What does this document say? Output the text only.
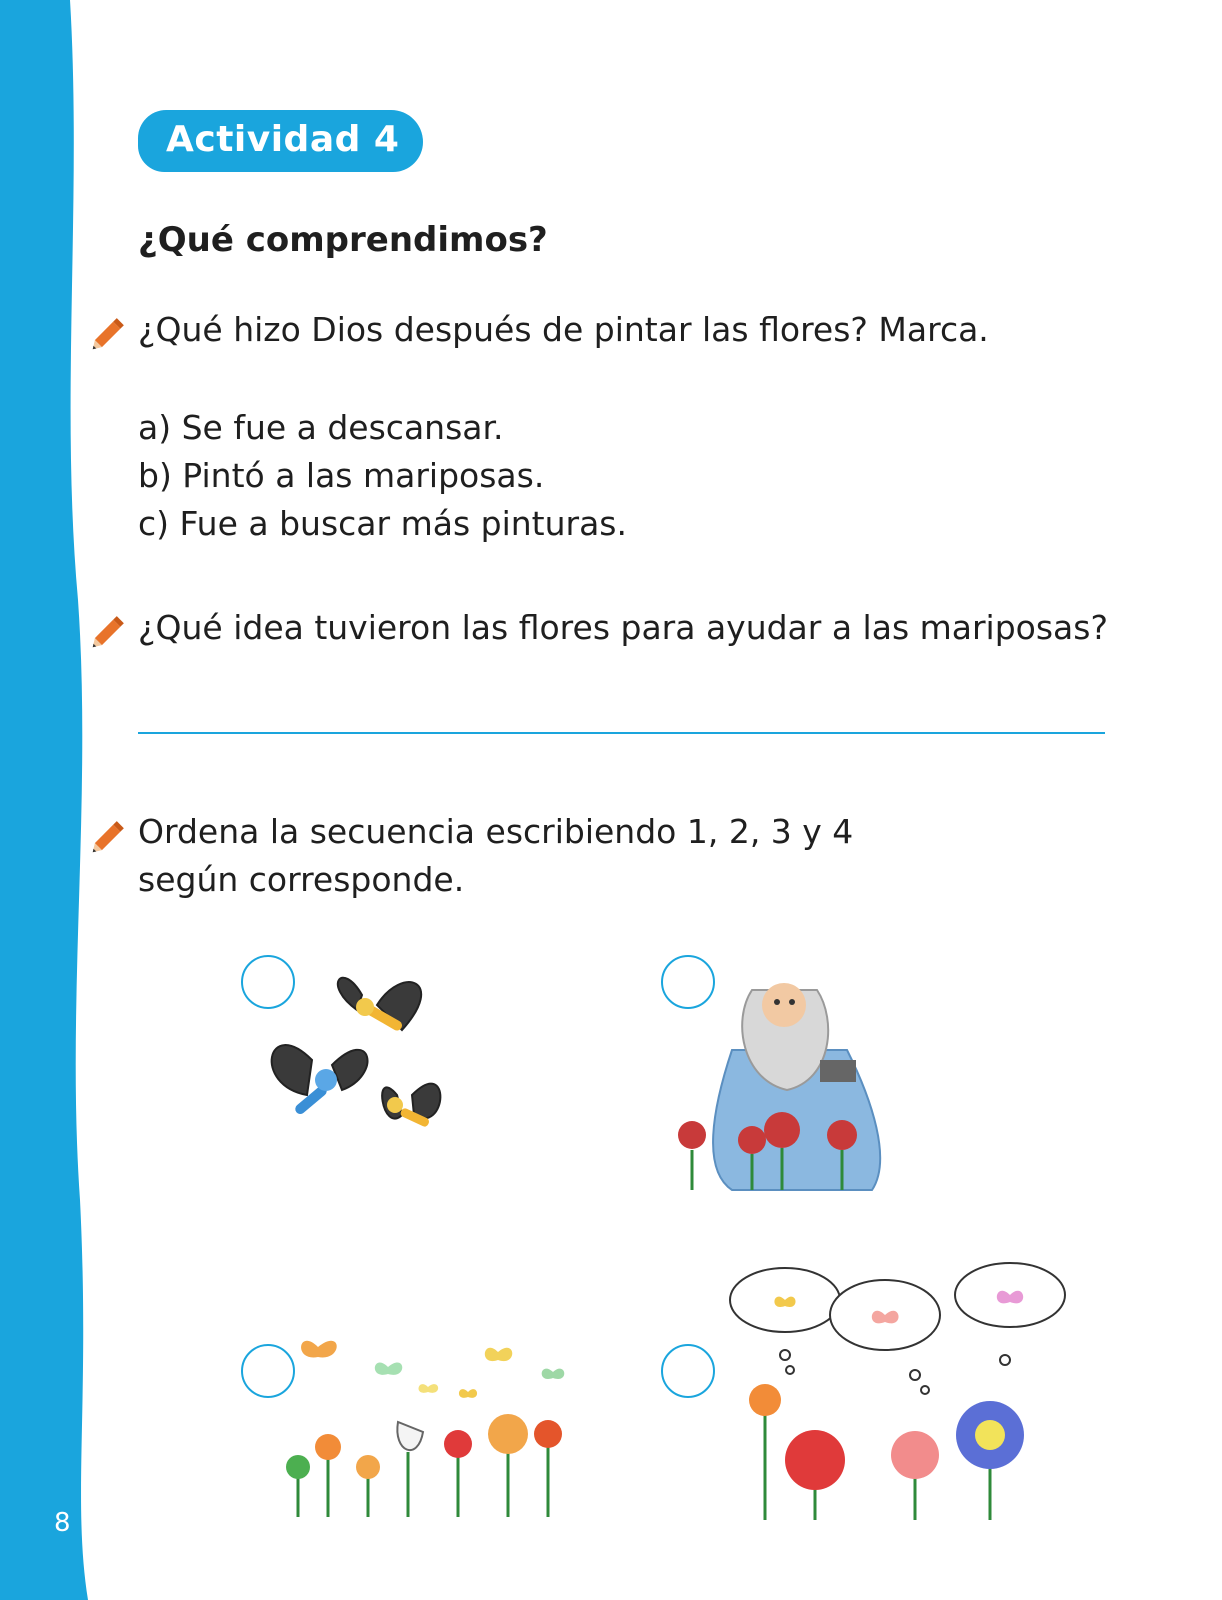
8
Actividad 4
¿Qué comprendimos?
¿Qué hizo Dios después de pintar las flores? Marca.
a) Se fue a descansar.
b) Pintó a las mariposas.
c) Fue a buscar más pinturas.
¿Qué idea tuvieron las flores para ayudar a las mariposas?
Ordena la secuencia escribiendo 1, 2, 3 y 4
según corresponde.
